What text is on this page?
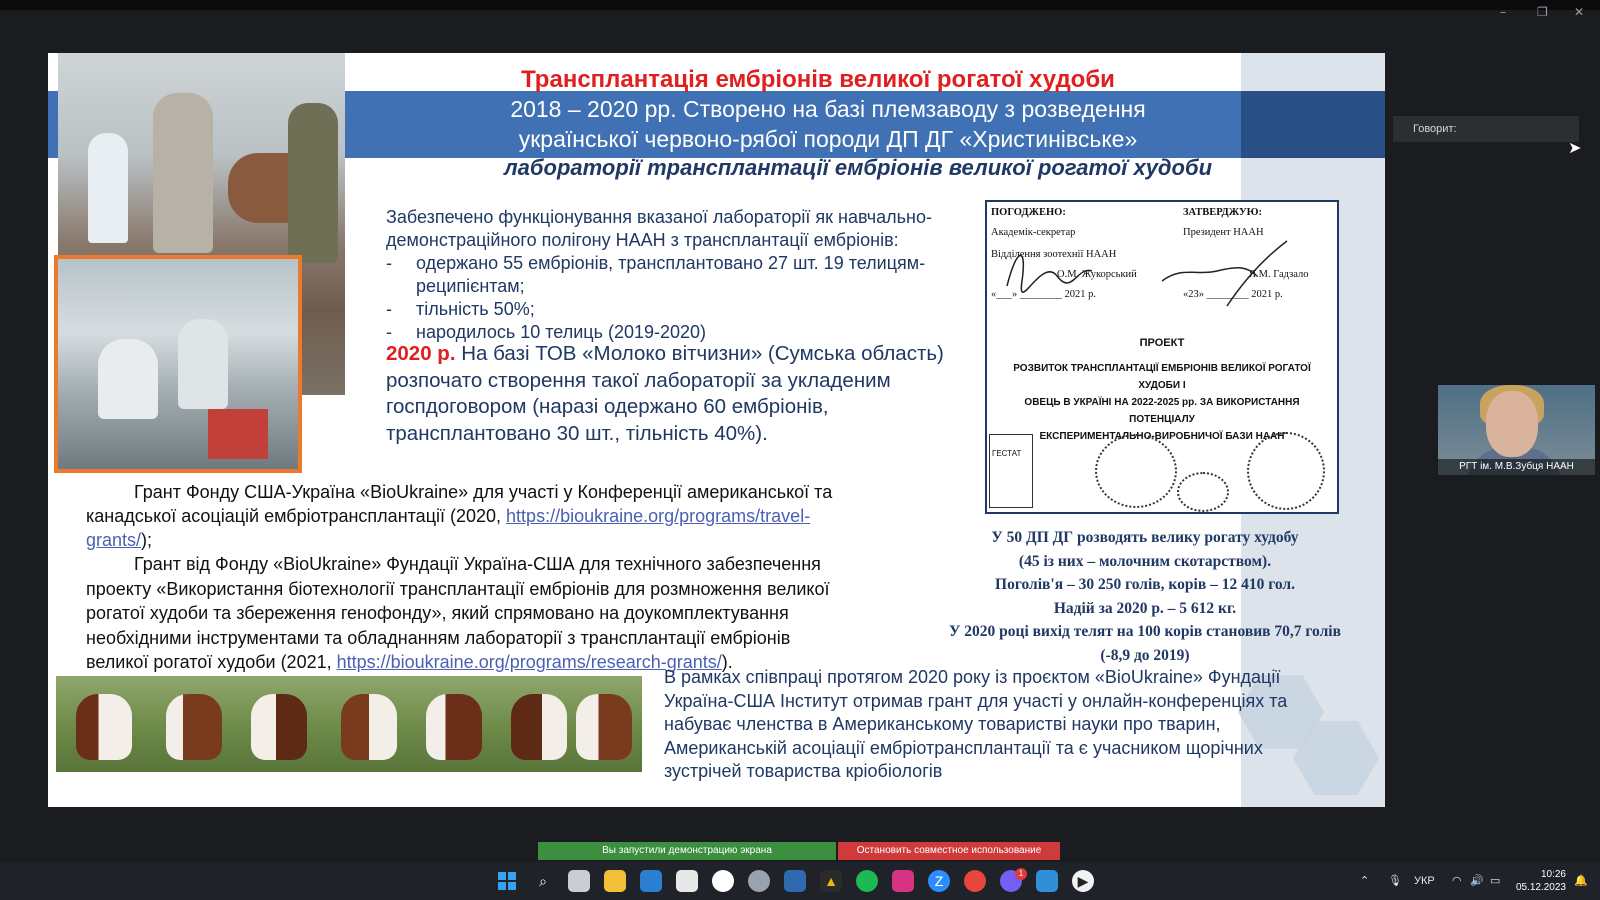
–	❐ ✕
Трансплантація ембріонів великої рогатої худоби
2018 – 2020 рр. Створено на базі племзаводу з розведення
української червоно-рябої породи ДП ДГ «Христинівське»
лабораторії трансплантації ембріонів великої рогатої худоби
Забезпечено функціонування вказаної лабораторії як навчально-
демонстраційного полігону НААН з трансплантації ембріонів:
- одержано 55 ембріонів, трансплантовано 27 шт. 19 телицям-
реципієнтам;
- тільність 50%;
- народилось 10 телиць (2019-2020)
2020 р. На базі ТОВ «Молоко вітчизни» (Сумська область)
розпочато створення такої лабораторії за укладеним
госпдоговором (наразі одержано 60 ембріонів,
трансплантовано 30 шт., тільність 40%).
ПОГОДЖЕНО:	ЗАТВЕРДЖУЮ:
Академік-секретар
Відділення зоотехнії НААН
О.М. Жукорський
«___» ________ 2021 р.
Президент НААН
Я.М. Гадзало
«23» ________ 2021 р.
ПРОЕКТ
РОЗВИТОК ТРАНСПЛАНТАЦІЇ ЕМБРІОНІВ ВЕЛИКОЇ РОГАТОЇ ХУДОБИ І
ОВЕЦЬ В УКРАЇНІ НА 2022-2025 рр. ЗА ВИКОРИСТАННЯ ПОТЕНЦІАЛУ
ЕКСПЕРИМЕНТАЛЬНО-ВИРОБНИЧОЇ БАЗИ НААН
ГЕСТАТ
У 50 ДП ДГ розводять велику рогату худобу
(45 із них – молочним скотарством).
Поголів'я – 30 250 голів, корів – 12 410 гол.
Надій за 2020 р. – 5 612 кг.
У 2020 році вихід телят на 100 корів становив 70,7 голів
(-8,9 до 2019)
Грант Фонду США-Україна «BioUkraine» для участі у Конференції американської та
канадської асоціацій ембріотрансплантації (2020, https://bioukraine.org/programs/travel-
grants/);
Грант від Фонду «BioUkraine» Фундації Україна-США для технічного забезпечення
проекту «Використання біотехнології трансплантації ембріонів для розмноження великої
рогатої худоби та збереження генофонду», який спрямовано на доукомплектування
необхідними інструментами та обладнанням лабораторії з трансплантації ембріонів
великої рогатої худоби (2021, https://bioukraine.org/programs/research-grants/).
В рамках співпраці протягом 2020 року із проєктом «BioUkraine» Фундації
Україна-США Інститут отримав грант для участі у онлайн-конференціях та
набуває членства в Американському товаристві науки про тварин,
Американській асоціації ембріотрансплантації та є учасником щорічних
зустрічей товариства кріобіологів
Говорит:
➤
РГТ ім. М.В.Зубця НААН
Вы запустили демонстрацию экрана	Остановить совместное использование
⌕	▲	Z	1	▶	⌃ 🎙 УКР ◠ 🔊 ▭
10:26
05.12.2023
🔔
